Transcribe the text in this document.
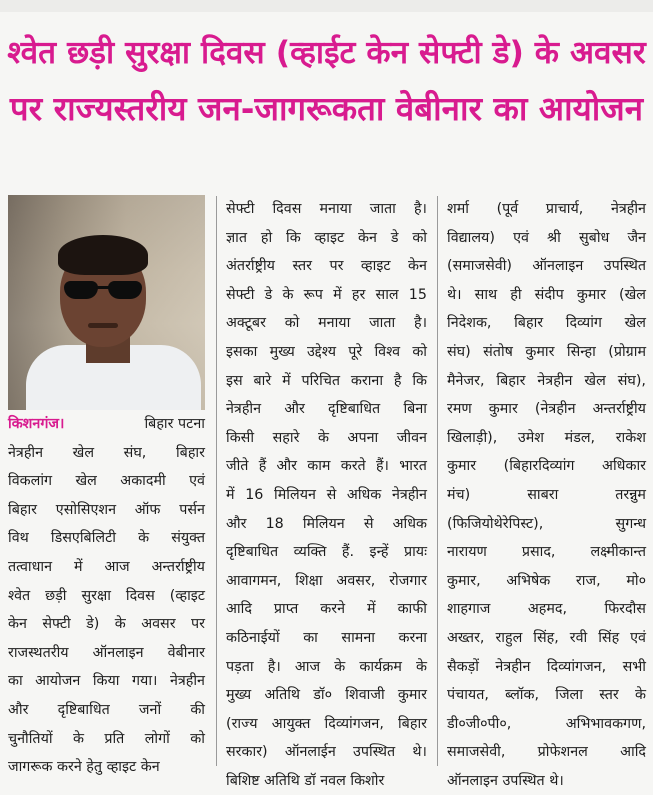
श्वेत छड़ी सुरक्षा दिवस (व्हाईट केन सेफ्टी डे) के अवसर
पर राज्यस्तरीय जन-जागरूकता वेबीनार का आयोजन
किशनगंज।	बिहार पटना
नेत्रहीन खेल संघ, बिहार
विकलांग खेल अकादमी एवं
बिहार एसोसिएशन ऑफ पर्सन
विथ डिसएबिलिटी के संयुक्त
तत्वाधान में आज अन्तर्राष्ट्रीय
श्वेत छड़ी सुरक्षा दिवस (व्हाइट
केन सेफ्टी डे) के अवसर पर
राजस्थतरीय ऑनलाइन वेबीनार
का आयोजन किया गया। नेत्रहीन
और दृष्टिबाधित जनों की
चुनौतियों के प्रति लोगों को
जागरूक करने हेतु व्हाइट केन
सेफ्टी दिवस मनाया जाता है।
ज्ञात हो कि व्हाइट केन डे को
अंतर्राष्ट्रीय स्तर पर व्हाइट केन
सेफ्टी डे के रूप में हर साल 15
अक्टूबर को मनाया जाता है।
इसका मुख्य उद्देश्य पूरे विश्व को
इस बारे में परिचित कराना है कि
नेत्रहीन और दृष्टिबाधित बिना
किसी सहारे के अपना जीवन
जीते हैं और काम करते हैं। भारत
में 16 मिलियन से अधिक नेत्रहीन
और 18 मिलियन से अधिक
दृष्टिबाधित व्यक्ति हैं. इन्हें प्रायः
आवागमन, शिक्षा अवसर, रोजगार
आदि प्राप्त करने में काफी
कठिनाईयों का सामना करना
पड़ता है। आज के कार्यक्रम के
मुख्य अतिथि डॉ० शिवाजी कुमार
(राज्य आयुक्त दिव्यांगजन, बिहार
सरकार) ऑनलाईन उपस्थित थे।
बिशिष्ट अतिथि डॉ नवल किशोर
शर्मा (पूर्व प्राचार्य, नेत्रहीन
विद्यालय) एवं श्री सुबोध जैन
(समाजसेवी) ऑनलाइन उपस्थित
थे। साथ ही संदीप कुमार (खेल
निदेशक, बिहार दिव्यांग खेल
संघ) संतोष कुमार सिन्हा (प्रोग्राम
मैनेजर, बिहार नेत्रहीन खेल संघ),
रमण कुमार (नेत्रहीन अन्तर्राष्ट्रीय
खिलाड़ी), उमेश मंडल, राकेश
कुमार (बिहारदिव्यांग अधिकार
मंच)	साबरा	तरन्नुम
(फिजियोथेरेपिस्ट),	सुगन्ध
नारायण प्रसाद, लक्ष्मीकान्त
कुमार, अभिषेक राज, मो०
शाहगाज	अहमद,	फिरदौस
अख्तर, राहुल सिंह, रवी सिंह एवं
सैकड़ों नेत्रहीन दिव्यांगजन, सभी
पंचायत, ब्लॉक, जिला स्तर के
डी०जी०पी०,	अभिभावकगण,
समाजसेवी, प्रोफेशनल आदि
ऑनलाइन उपस्थित थे।
